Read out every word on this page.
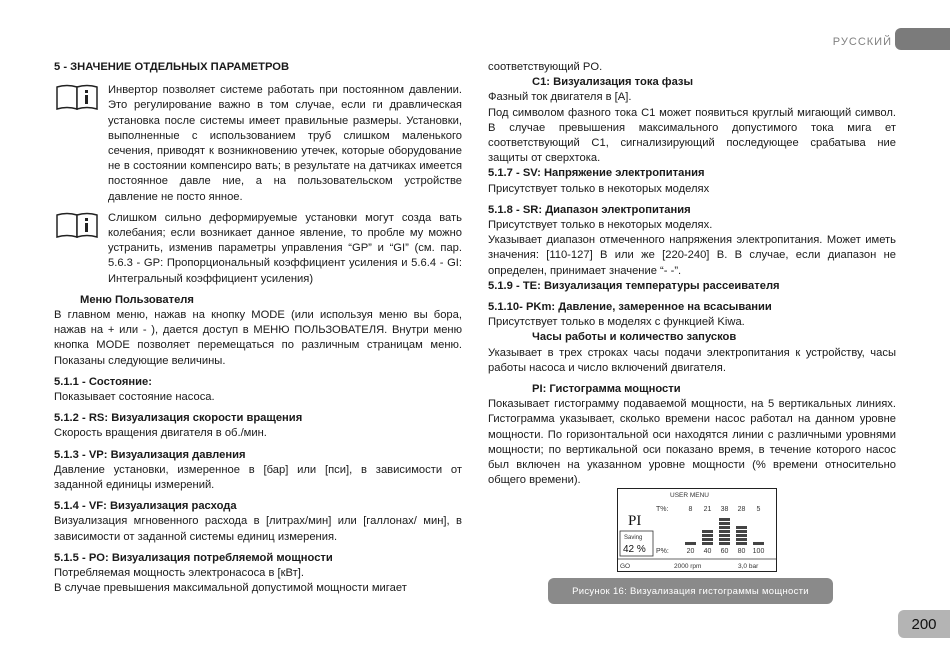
РУССКИЙ

5 - ЗНАЧЕНИЕ ОТДЕЛЬНЫХ ПАРАМЕТРОВ

Инвертор позволяет системе работать при постоянном давлении. Это регулирование важно в том случае, если ги дравлическая установка после системы имеет правильные размеры. Установки, выполненные с использованием труб слишком маленького сечения, приводят к возникновению утечек, которые оборудование не в состоянии компенсиро вать; в результате на датчиках имеется постоянное давле ние, а на пользовательском устройстве давление не посто янное.
Слишком сильно деформируемые установки могут созда вать колебания; если возникает данное явление, то пробле му можно устранить, изменив параметры управления “GP” и “GI” (см. пар. 5.6.3 - GP: Пропорциональный коэффициент усиления и 5.6.4 - GI: Интегральный коэффициент усиления)

Меню Пользователя

В главном меню, нажав на кнопку MODE (или используя меню вы бора, нажав на + или - ), дается доступ в МЕНЮ ПОЛЬЗОВАТЕЛЯ. Внутри меню кнопка MODE позволяет перемещаться по различным страницам меню. Показаны следующие величины.

5.1.1 - Состояние:

Показывает состояние насоса.

5.1.2 - RS: Визуализация скорости вращения

Скорость вращения двигателя в об./мин.

5.1.3 - VP: Визуализация давления

Давление установки, измеренное в [бар] или [пси], в зависимости от заданной единицы измерений.

5.1.4 - VF: Визуализация расхода

Визуализация мгновенного расхода в [литрах/мин] или [галлонах/ мин], в зависимости от заданной системы единиц измерения.

5.1.5 - PO: Визуализация потребляемой мощности

Потребляемая мощность электронасоса в [кВт].

В случае превышения максимальной допустимой мощности мигает

соответствующий PO.

C1: Визуализация тока фазы

Фазный ток двигателя в [А].

Под символом фазного тока C1 может появиться круглый мигающий символ. В случае превышения максимального допустимого тока мига ет соответствующий C1, сигнализирующий последующее срабатыва ние защиты от сверхтока.

5.1.7 - SV: Напряжение электропитания

Присутствует только в некоторых моделях

5.1.8 - SR: Диапазон электропитания

Присутствует только в некоторых моделях.

Указывает диапазон отмеченного напряжения электропитания. Может иметь значения: [110-127] В или же [220-240] В. В случае, если диапазон не определен, принимает значение “- -”.

5.1.9 - TE: Визуализация температуры рассеивателя

5.1.10- PKm: Давление, замеренное на всасывании

Присутствует только в моделях с функцией Kiwa.

Часы работы и количество запусков

Указывает в трех строках часы подачи электропитания к устройству, часы работы насоса и число включений двигателя.

PI: Гистограмма мощности

Показывает гистограмму подаваемой мощности, на 5 вертикальных линиях. Гистограмма указывает, сколько времени насос работал на данном уровне мощности. По горизонтальной оси находятся линии с различными уровнями мощности; по вертикальной оси показано время, в течение которого насос был включен на указанном уровне мощности (% времени относительно общего времени).

USER MENU
T%:
PI
Saving
42 % P%:
GO	2000 rpm	3,0 bar
8
20
21
40
38
60
28
80
5
100
Рисунок 16: Визуализация гистограммы мощности
200
